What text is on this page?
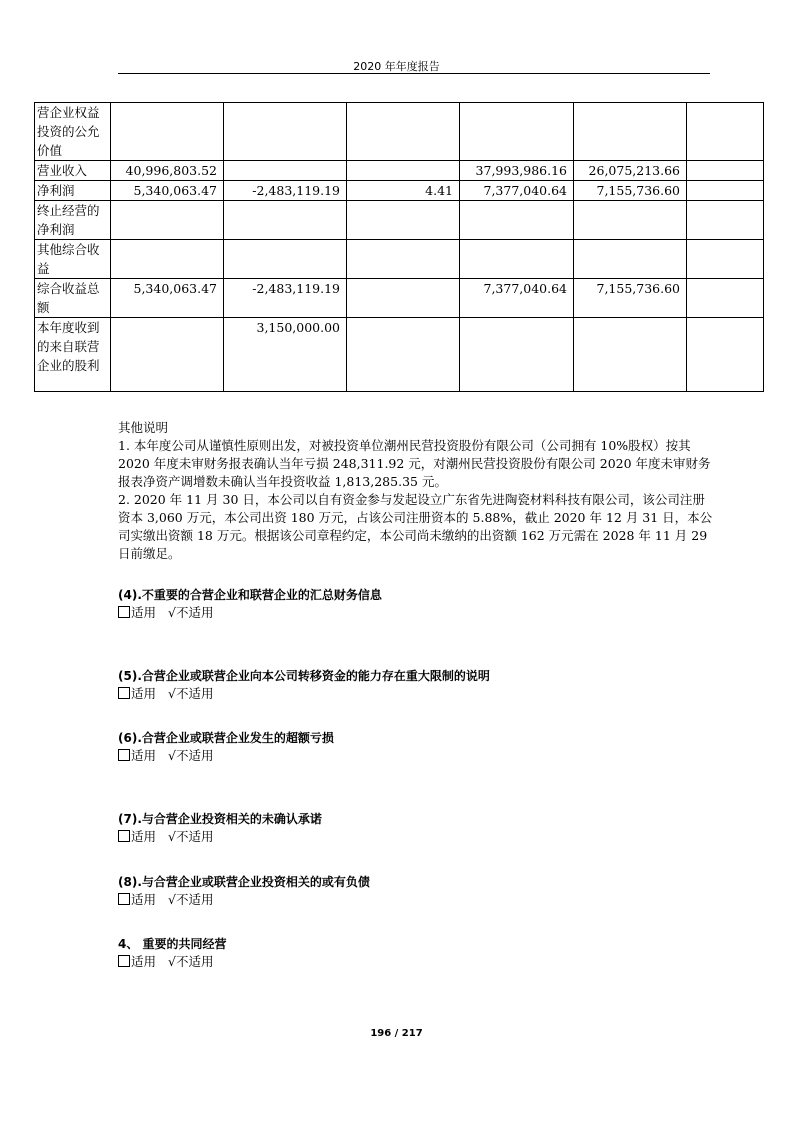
2020 年年度报告
营企业权益投资的公允价值						
营业收入	40,996,803.52			37,993,986.16	26,075,213.66	
净利润	5,340,063.47	-2,483,119.19	4.41	7,377,040.64	7,155,736.60	
终止经营的净利润						
其他综合收益						
综合收益总额	5,340,063.47	-2,483,119.19		7,377,040.64	7,155,736.60	
本年度收到的来自联营企业的股利		3,150,000.00				

其他说明

1. 本年度公司从谨慎性原则出发，对被投资单位潮州民营投资股份有限公司（公司拥有 10%股权）按其 2020 年度未审财务报表确认当年亏损 248,311.92 元，对潮州民营投资股份有限公司 2020 年度未审财务报表净资产调增数未确认当年投资收益 1,813,285.35 元。

2. 2020 年 11 月 30 日，本公司以自有资金参与发起设立广东省先进陶瓷材料科技有限公司，该公司注册资本 3,060 万元，本公司出资 180 万元，占该公司注册资本的 5.88%，截止 2020 年 12 月 31 日，本公司实缴出资额 18 万元。根据该公司章程约定，本公司尚未缴纳的出资额 162 万元需在 2028 年 11 月 29 日前缴足。

(4).不重要的合营企业和联营企业的汇总财务信息
适用 √不适用
(5).合营企业或联营企业向本公司转移资金的能力存在重大限制的说明
适用 √不适用
(6).合营企业或联营企业发生的超额亏损
适用 √不适用
(7).与合营企业投资相关的未确认承诺
适用 √不适用
(8).与合营企业或联营企业投资相关的或有负债
适用 √不适用
4、 重要的共同经营
适用 √不适用
196 / 217
